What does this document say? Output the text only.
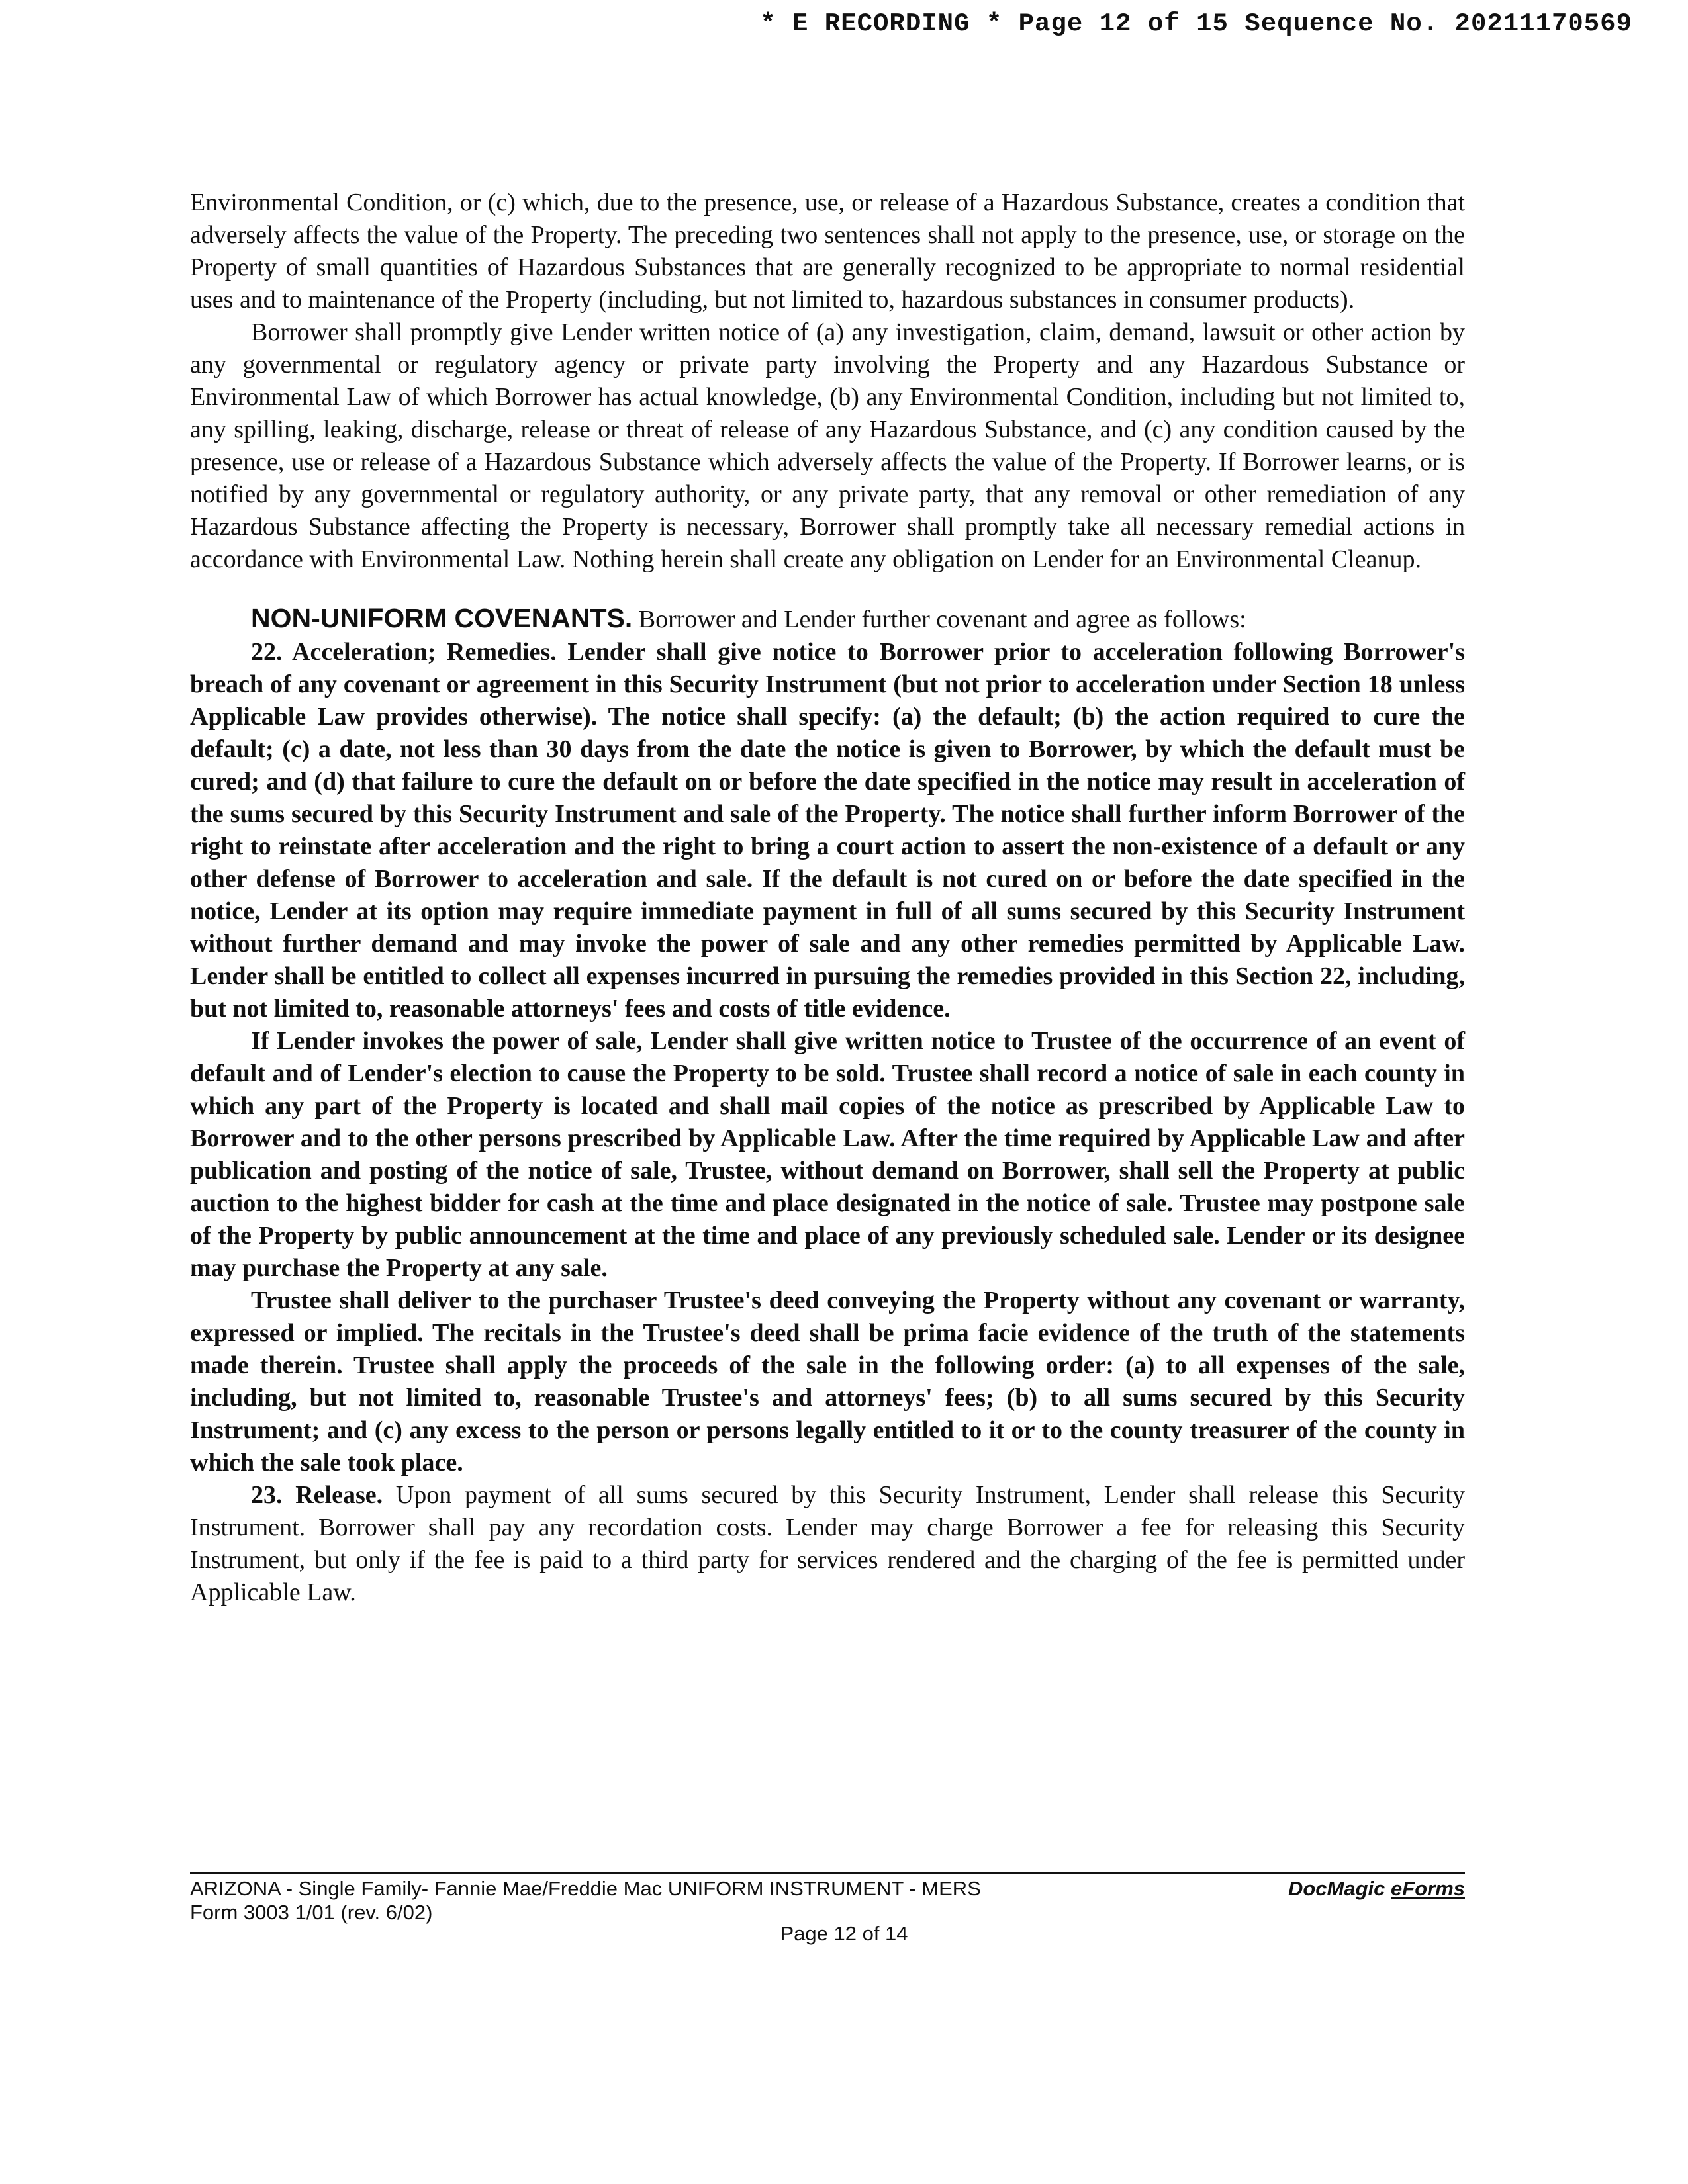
* E RECORDING * Page 12 of 15 Sequence No. 20211170569

Environmental Condition, or (c) which, due to the presence, use, or release of a Hazardous Substance, creates a condition that adversely affects the value of the Property. The preceding two sentences shall not apply to the presence, use, or storage on the Property of small quantities of Hazardous Substances that are generally recognized to be appropriate to normal residential uses and to maintenance of the Property (including, but not limited to, hazardous substances in consumer products).

Borrower shall promptly give Lender written notice of (a) any investigation, claim, demand, lawsuit or other action by any governmental or regulatory agency or private party involving the Property and any Hazardous Substance or Environmental Law of which Borrower has actual knowledge, (b) any Environmental Condition, including but not limited to, any spilling, leaking, discharge, release or threat of release of any Hazardous Substance, and (c) any condition caused by the presence, use or release of a Hazardous Substance which adversely affects the value of the Property. If Borrower learns, or is notified by any governmental or regulatory authority, or any private party, that any removal or other remediation of any Hazardous Substance affecting the Property is necessary, Borrower shall promptly take all necessary remedial actions in accordance with Environmental Law. Nothing herein shall create any obligation on Lender for an Environmental Cleanup.

NON-UNIFORM COVENANTS. Borrower and Lender further covenant and agree as follows:

22. Acceleration; Remedies. Lender shall give notice to Borrower prior to acceleration following Borrower's breach of any covenant or agreement in this Security Instrument (but not prior to acceleration under Section 18 unless Applicable Law provides otherwise). The notice shall specify: (a) the default; (b) the action required to cure the default; (c) a date, not less than 30 days from the date the notice is given to Borrower, by which the default must be cured; and (d) that failure to cure the default on or before the date specified in the notice may result in acceleration of the sums secured by this Security Instrument and sale of the Property. The notice shall further inform Borrower of the right to reinstate after acceleration and the right to bring a court action to assert the non-existence of a default or any other defense of Borrower to acceleration and sale. If the default is not cured on or before the date specified in the notice, Lender at its option may require immediate payment in full of all sums secured by this Security Instrument without further demand and may invoke the power of sale and any other remedies permitted by Applicable Law. Lender shall be entitled to collect all expenses incurred in pursuing the remedies provided in this Section 22, including, but not limited to, reasonable attorneys' fees and costs of title evidence.

If Lender invokes the power of sale, Lender shall give written notice to Trustee of the occurrence of an event of default and of Lender's election to cause the Property to be sold. Trustee shall record a notice of sale in each county in which any part of the Property is located and shall mail copies of the notice as prescribed by Applicable Law to Borrower and to the other persons prescribed by Applicable Law. After the time required by Applicable Law and after publication and posting of the notice of sale, Trustee, without demand on Borrower, shall sell the Property at public auction to the highest bidder for cash at the time and place designated in the notice of sale. Trustee may postpone sale of the Property by public announcement at the time and place of any previously scheduled sale. Lender or its designee may purchase the Property at any sale.

Trustee shall deliver to the purchaser Trustee's deed conveying the Property without any covenant or warranty, expressed or implied. The recitals in the Trustee's deed shall be prima facie evidence of the truth of the statements made therein. Trustee shall apply the proceeds of the sale in the following order: (a) to all expenses of the sale, including, but not limited to, reasonable Trustee's and attorneys' fees; (b) to all sums secured by this Security Instrument; and (c) any excess to the person or persons legally entitled to it or to the county treasurer of the county in which the sale took place.

23. Release. Upon payment of all sums secured by this Security Instrument, Lender shall release this Security Instrument. Borrower shall pay any recordation costs. Lender may charge Borrower a fee for releasing this Security Instrument, but only if the fee is paid to a third party for services rendered and the charging of the fee is permitted under Applicable Law.

ARIZONA - Single Family- Fannie Mae/Freddie Mac UNIFORM INSTRUMENT - MERS
Form 3003 1/01 (rev. 6/02)
DocMagic eForms
Page 12 of 14
